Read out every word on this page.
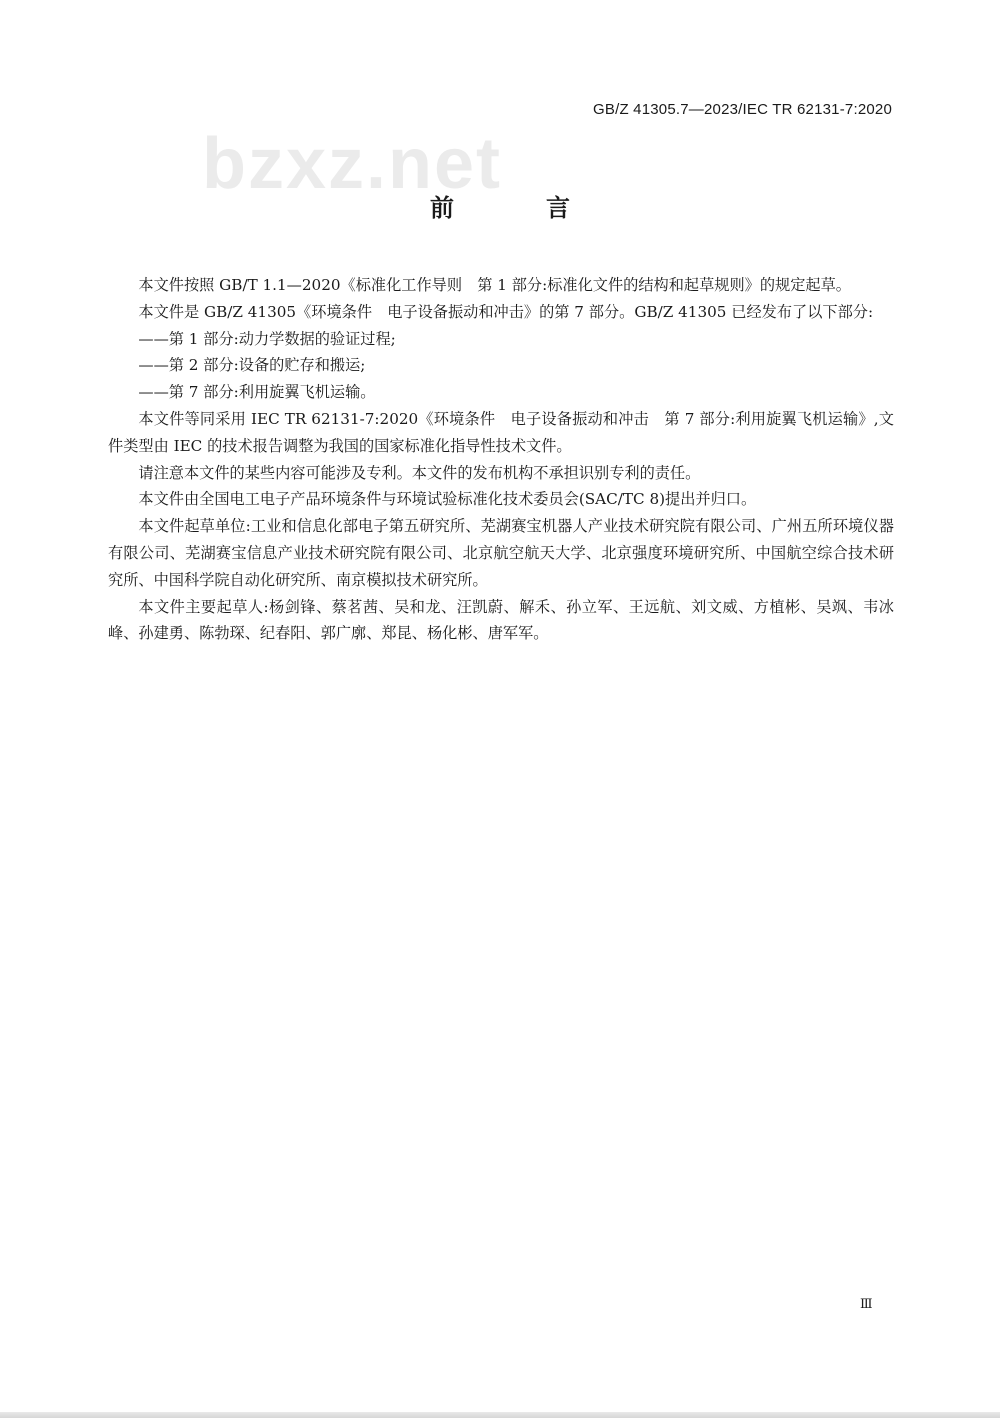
GB/Z 41305.7—2023/IEC TR 62131-7:2020
bzxz.net
前　言

本文件按照 GB/T 1.1—2020《标准化工作导则　第 1 部分:标准化文件的结构和起草规则》的规定起草。

本文件是 GB/Z 41305《环境条件　电子设备振动和冲击》的第 7 部分。GB/Z 41305 已经发布了以下部分:

——第 1 部分:动力学数据的验证过程;

——第 2 部分:设备的贮存和搬运;

——第 7 部分:利用旋翼飞机运输。

本文件等同采用 IEC TR 62131-7:2020《环境条件　电子设备振动和冲击　第 7 部分:利用旋翼飞机运输》,文件类型由 IEC 的技术报告调整为我国的国家标准化指导性技术文件。

请注意本文件的某些内容可能涉及专利。本文件的发布机构不承担识别专利的责任。

本文件由全国电工电子产品环境条件与环境试验标准化技术委员会(SAC/TC 8)提出并归口。

本文件起草单位:工业和信息化部电子第五研究所、芜湖赛宝机器人产业技术研究院有限公司、广州五所环境仪器有限公司、芜湖赛宝信息产业技术研究院有限公司、北京航空航天大学、北京强度环境研究所、中国航空综合技术研究所、中国科学院自动化研究所、南京模拟技术研究所。

本文件主要起草人:杨剑锋、蔡茗茜、吴和龙、汪凯蔚、解禾、孙立军、王远航、刘文威、方植彬、吴飒、韦冰峰、孙建勇、陈勃琛、纪春阳、郭广廓、郑昆、杨化彬、唐军军。

Ⅲ
